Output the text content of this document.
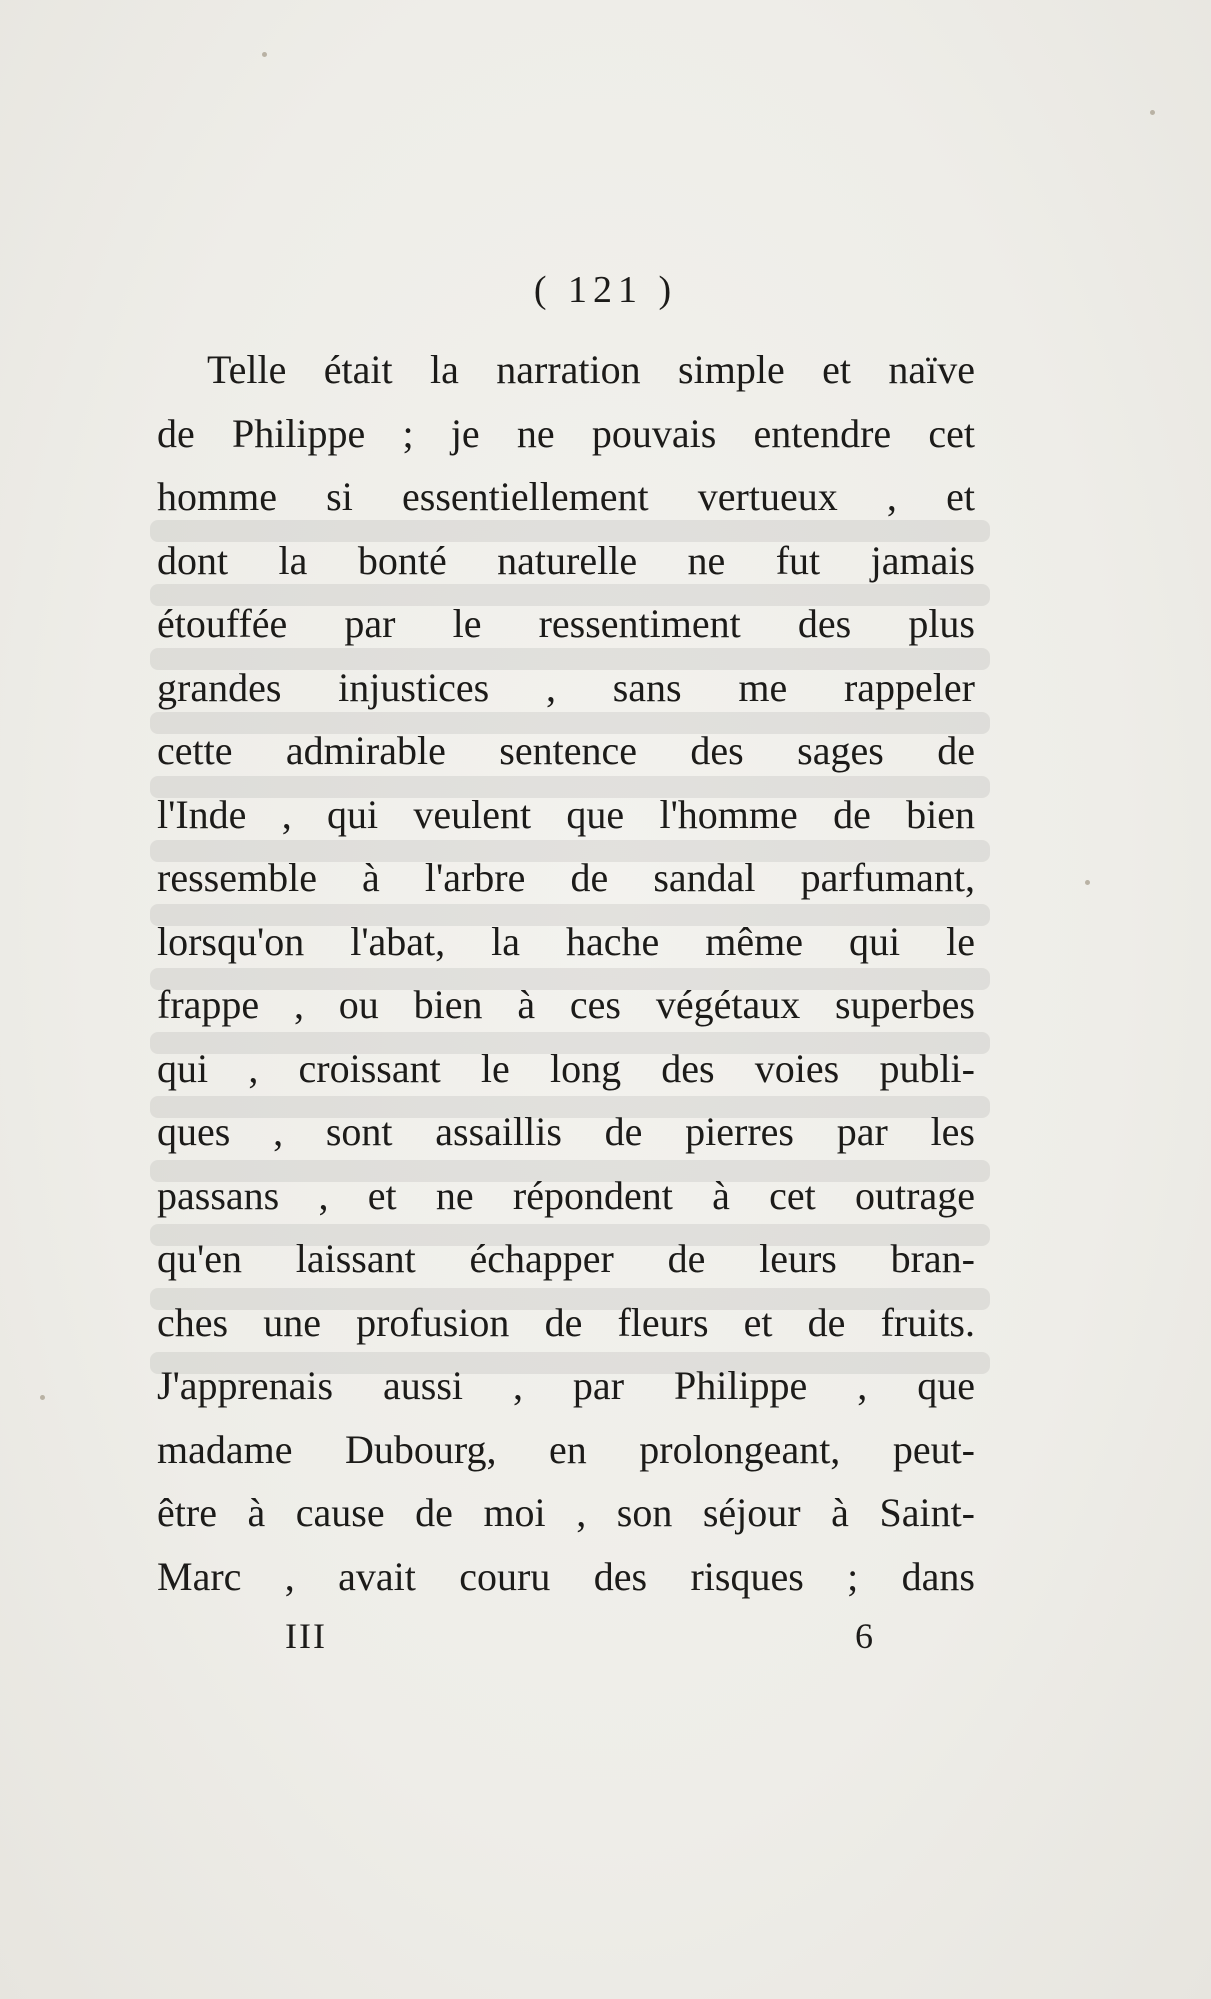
( 121 )
Telle était la narration simple et naïve
de Philippe ; je ne pouvais entendre cet
homme si essentiellement vertueux , et
dont la bonté naturelle ne fut jamais
étouffée par le ressentiment des plus
grandes injustices , sans me rappeler
cette admirable sentence des sages de
l'Inde , qui veulent que l'homme de bien
ressemble à l'arbre de sandal parfumant,
lorsqu'on l'abat, la hache même qui le
frappe , ou bien à ces végétaux superbes
qui , croissant le long des voies publi-
ques , sont assaillis de pierres par les
passans , et ne répondent à cet outrage
qu'en laissant échapper de leurs bran-
ches une profusion de fleurs et de fruits.
J'apprenais aussi , par Philippe , que
madame Dubourg, en prolongeant, peut-
être à cause de moi , son séjour à Saint-
Marc , avait couru des risques ; dans
III	6
